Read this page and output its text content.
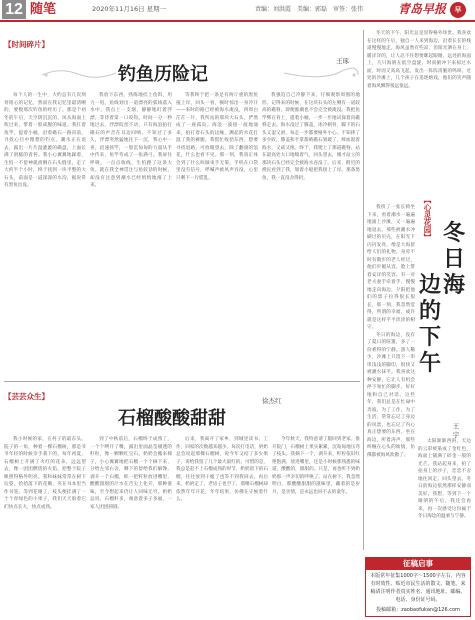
12 随笔	2020年11月16日 星期一	责编：刘洪霞　美编：郭磊　审签：张伟	青岛早报	早
【时间碎片】
王琢
钓鱼历险记

每个人的一生中，大约总有几次刻骨铭心的记忆，然而在我记忆里最清晰的，要数那次钓鱼的经历了。那是个初冬的午后，天空阴沉沉的，风从海面上吹过来，带着一股咸腥的味道。我扛着鱼竿，提着小桶，沿着礁石一路向前，寻找心目中理想的钓点。潮水正在退去，露出一片片湿漉漉的礁盘，上面长满了滑腻的青苔。我小心翼翼地踩着，生怕一不留神就滑倒在石头缝里。走了大约半个小时，终于找到一块平整的大石头，前面是一道深深的水沟，据说常有黑鱼出没。

我放下东西，熟练地挂上鱼饵，用力一甩，鱼线划出一道漂亮的弧线落入水中。我点上一支烟，静静地盯着浮漂，等待着第一口咬钩。时间一分一秒地过去，浮漂纹丝不动，只有海浪拍打礁石的声音在耳边回响。不知过了多久，浮漂突然猛地往下一沉，我心中一喜，迅速扬竿，一股沉甸甸的力量从手中传来，鱼竿弯成了一张满弓。我屏住呼吸，一点点收线，生怕跑了这条大鱼。就在我全神贯注与鱼较劲的时候，却没有注意到潮水已经悄悄地涨了上来。

等我终于把一条足有两斤重的黑鱼拖上岸，回头一看，顿时惊出一身冷汗——来时的路已经被海水淹没，四周白茫茫一片，我所站的那块大石头，俨然成了一座孤岛。海浪一波接一波地涌来，拍打着石头的边缘，溅起的水花打湿了我的裤腿。我慌忙收拾东西，想要寻找退路，可放眼望去，除了翻滚的浪花，什么也看不见。那一刻，我真正体会到了什么叫做束手无策。手机在口袋里没有信号，呼喊声被风声吞没，心里只剩下一片慌乱。

我强迫自己冷静下来，仔细观察周围的地形。记得来的时候，在这块石头的左侧有一道较高的礁脊，即便涨潮也不会完全被淹没。我把鱼竿绑在背上，提着小桶，一步一步地试探着向礁脊走去。海水没过了膝盖，冰冷刺骨，脚下的石头又湿又滑，每走一步都要格外小心。不知摔了多少跤，膝盖和手掌都被礁石划破了，鲜血混着海水，又咸又疼。终于，我爬上了那道礁脊，站在最高处大口地喘着气，回头望去，刚才站立的那块石头已经完全被海水吞没了。后来，附近的渔民看到了我，划着小船把我接上了岸。那条黑鱼，我一直没舍得扔。

冬天的下午，阳光总是显得格外珍贵。我喜欢在这样的午后，独自一人来到海边，沿着长长的栈道慢慢地走。海风虽然有些凉，但阳光洒在身上，暖洋洋的，让人忍不住想要眯起眼睛。远处的海面上，几只海鸥在低空盘旋，时而俯冲下来掠过水面，时而又高高飞起，发出一阵阵清脆的鸣叫。近处的沙滩上，几个孩子在追逐嬉戏，他们的笑声随着海风飘得很远很远。

【心灵花园】

我找了一张长椅坐下来，看着潮水一遍遍地涌上沙滩，又一遍遍地退去。那些被潮水冲刷过的贝壳，在阳光下闪闪发亮，像是大海留给人们的礼物。身旁不时有散步的老人经过，他们步履从容，脸上带着安详的笑容。有一对老夫妻手牵着手，慢慢地走向海边，夕阳把他们的影子拉得很长很长，那一刻，我忽然觉得，所谓的幸福，或许就是这样平平淡淡的相守。

冬日的海边，没有了夏日的喧嚣，多了一份难得的宁静。游人稀少，沙滩上只留下一串串浅浅的脚印，很快又被潮水抹平。我喜欢这种安静，它让人有机会停下匆忙的脚步，好好地和自己对话。这些年，我们总是在忙碌中奔波，为了工作，为了生活，常常忘记了身边的风景，也忘记了内心真正想要的东西。坐在海边，听着涛声，那些纠缠在心头的烦恼，仿佛都被海风吹散了。

冬日海
边的下午
王宇

太阳渐渐西斜，天边的云彩被染成了金红色，海面上铺满了碎金一般的光芒。我站起身来，拍了拍身上的沙子，恋恋不舍地往回走。回头望去，冬日的海边依然那样安静而美好。我想，等到下一个晴朗的午后，我还会再来，再一次感受这份属于冬日海边的温柔与宁静。

【芸芸众生】	徐杰红
石榴酸酸甜甜

我小时候的家，在村子的最东头。院子的一角，种着一棵石榴树，那是爷爷年轻的时候亲手栽下的。每年初夏，石榴树上开满了火红的花朵，远远望去，像一团团燃烧的火焰，把整个院子映照得格外明亮。我和妹妹常常在树下玩耍，捡拾落下的花瓣，夹在书本里当作书签。等到花谢了，枝头便挂满了一个个青绿色的小果子，我们天天盼着它们快点长大，快点成熟。

到了中秋前后，石榴终于成熟了，一个个咧开了嘴，露出里面晶莹剔透的籽粒，像一颗颗红宝石。奶奶会搬来梯子，小心翼翼地把石榴一个个摘下来，分给左邻右舍，剩下的留给我们解馋。剥开一个石榴，抓一把籽粒放进嘴里，酸酸甜甜的汁水在舌尖上化开，那种滋味，至今想起来仍让人回味无穷。奶奶总说，石榴籽多，寓意着多子多福，一家人团团圆圆。

后来，我离开了家乡，到城里读书、工作，回家的次数越来越少。每次打电话，奶奶总会说起那棵石榴树，说今年又结了多少果子，说给我留了几个最大最红的。可惜的是，我总是赶不上石榴成熟的时节，奶奶留下的石榴，往往放到干瘪了也等不到我回去。再后来，奶奶走了，老房子也空了，那棵石榴树却依然年年开花，年年结果，仿佛在守候着什么。

今年秋天，我特意请了假回到老家。推开院门，石榴树上果实累累，沉甸甸地压弯了枝头。我摘下一个，剥开来，籽粒依旧红艳饱满，放进嘴里，还是小时候那熟悉的味道，酸酸的，甜甜的。只是，再也听不到奶奶那一声亲切的呼唤了。站在树下，我忽然明白，那酸酸甜甜的滋味里，藏着的是岁月，是亲情，是永远也回不去的童年。

征稿启事
本版常年征集1000字～1500字左右，内容有时效性、贴近市民生活的散文、随笔。来稿请注明作者真实姓名、通讯地址、邮编、电话、身份证号码。
投稿邮箱：zaobaofukan@126.com
